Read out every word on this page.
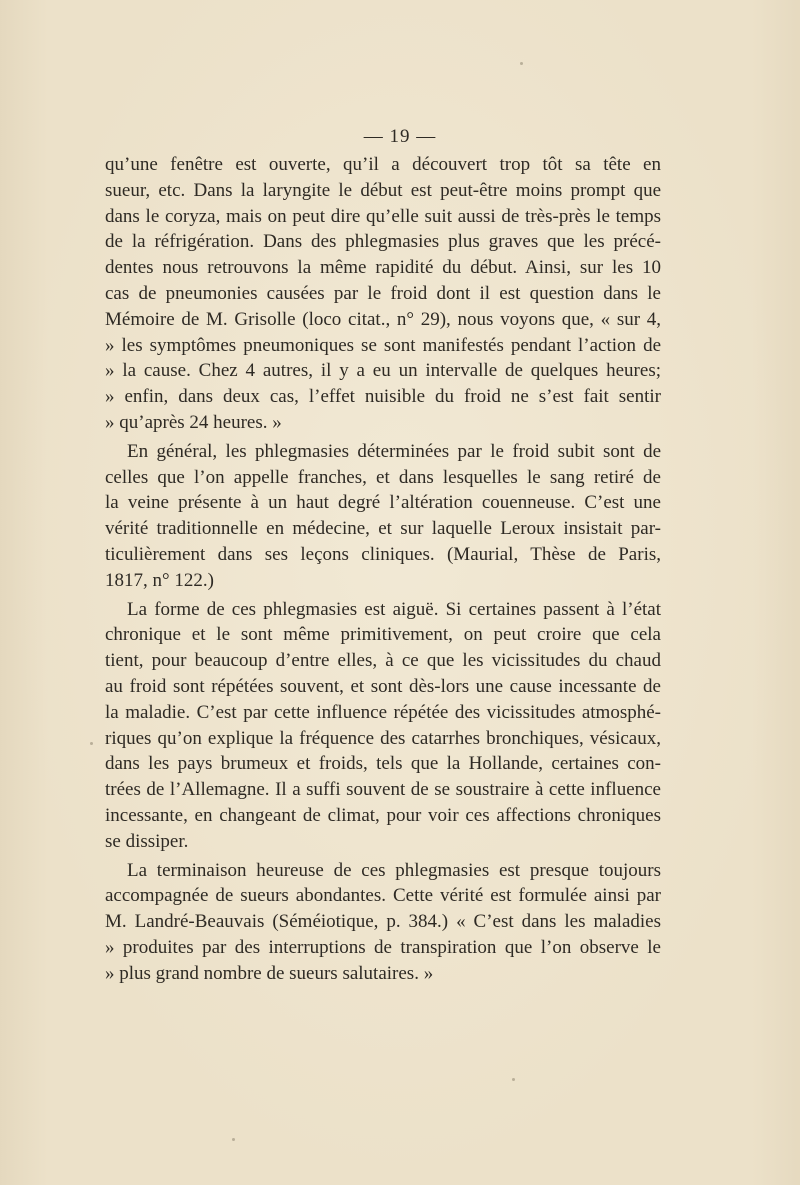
— 19 —
qu’une fenêtre est ouverte, qu’il a découvert trop tôt sa tête en
sueur, etc. Dans la laryngite le début est peut-être moins prompt que
dans le coryza, mais on peut dire qu’elle suit aussi de très-près le temps
de la réfrigération. Dans des phlegmasies plus graves que les précé-
dentes nous retrouvons la même rapidité du début. Ainsi, sur les 10
cas de pneumonies causées par le froid dont il est question dans le
Mémoire de M. Grisolle (loco citat., n° 29), nous voyons que, « sur 4,
» les symptômes pneumoniques se sont manifestés pendant l’action de
» la cause. Chez 4 autres, il y a eu un intervalle de quelques heures;
» enfin, dans deux cas, l’effet nuisible du froid ne s’est fait sentir
» qu’après 24 heures. »
En général, les phlegmasies déterminées par le froid subit sont de
celles que l’on appelle franches, et dans lesquelles le sang retiré de
la veine présente à un haut degré l’altération couenneuse. C’est une
vérité traditionnelle en médecine, et sur laquelle Leroux insistait par-
ticulièrement dans ses leçons cliniques. (Maurial, Thèse de Paris,
1817, n° 122.)
La forme de ces phlegmasies est aiguë. Si certaines passent à l’état
chronique et le sont même primitivement, on peut croire que cela
tient, pour beaucoup d’entre elles, à ce que les vicissitudes du chaud
au froid sont répétées souvent, et sont dès-lors une cause incessante de
la maladie. C’est par cette influence répétée des vicissitudes atmosphé-
riques qu’on explique la fréquence des catarrhes bronchiques, vésicaux,
dans les pays brumeux et froids, tels que la Hollande, certaines con-
trées de l’Allemagne. Il a suffi souvent de se soustraire à cette influence
incessante, en changeant de climat, pour voir ces affections chroniques
se dissiper.
La terminaison heureuse de ces phlegmasies est presque toujours
accompagnée de sueurs abondantes. Cette vérité est formulée ainsi par
M. Landré-Beauvais (Séméiotique, p. 384.) « C’est dans les maladies
» produites par des interruptions de transpiration que l’on observe le
» plus grand nombre de sueurs salutaires. »
